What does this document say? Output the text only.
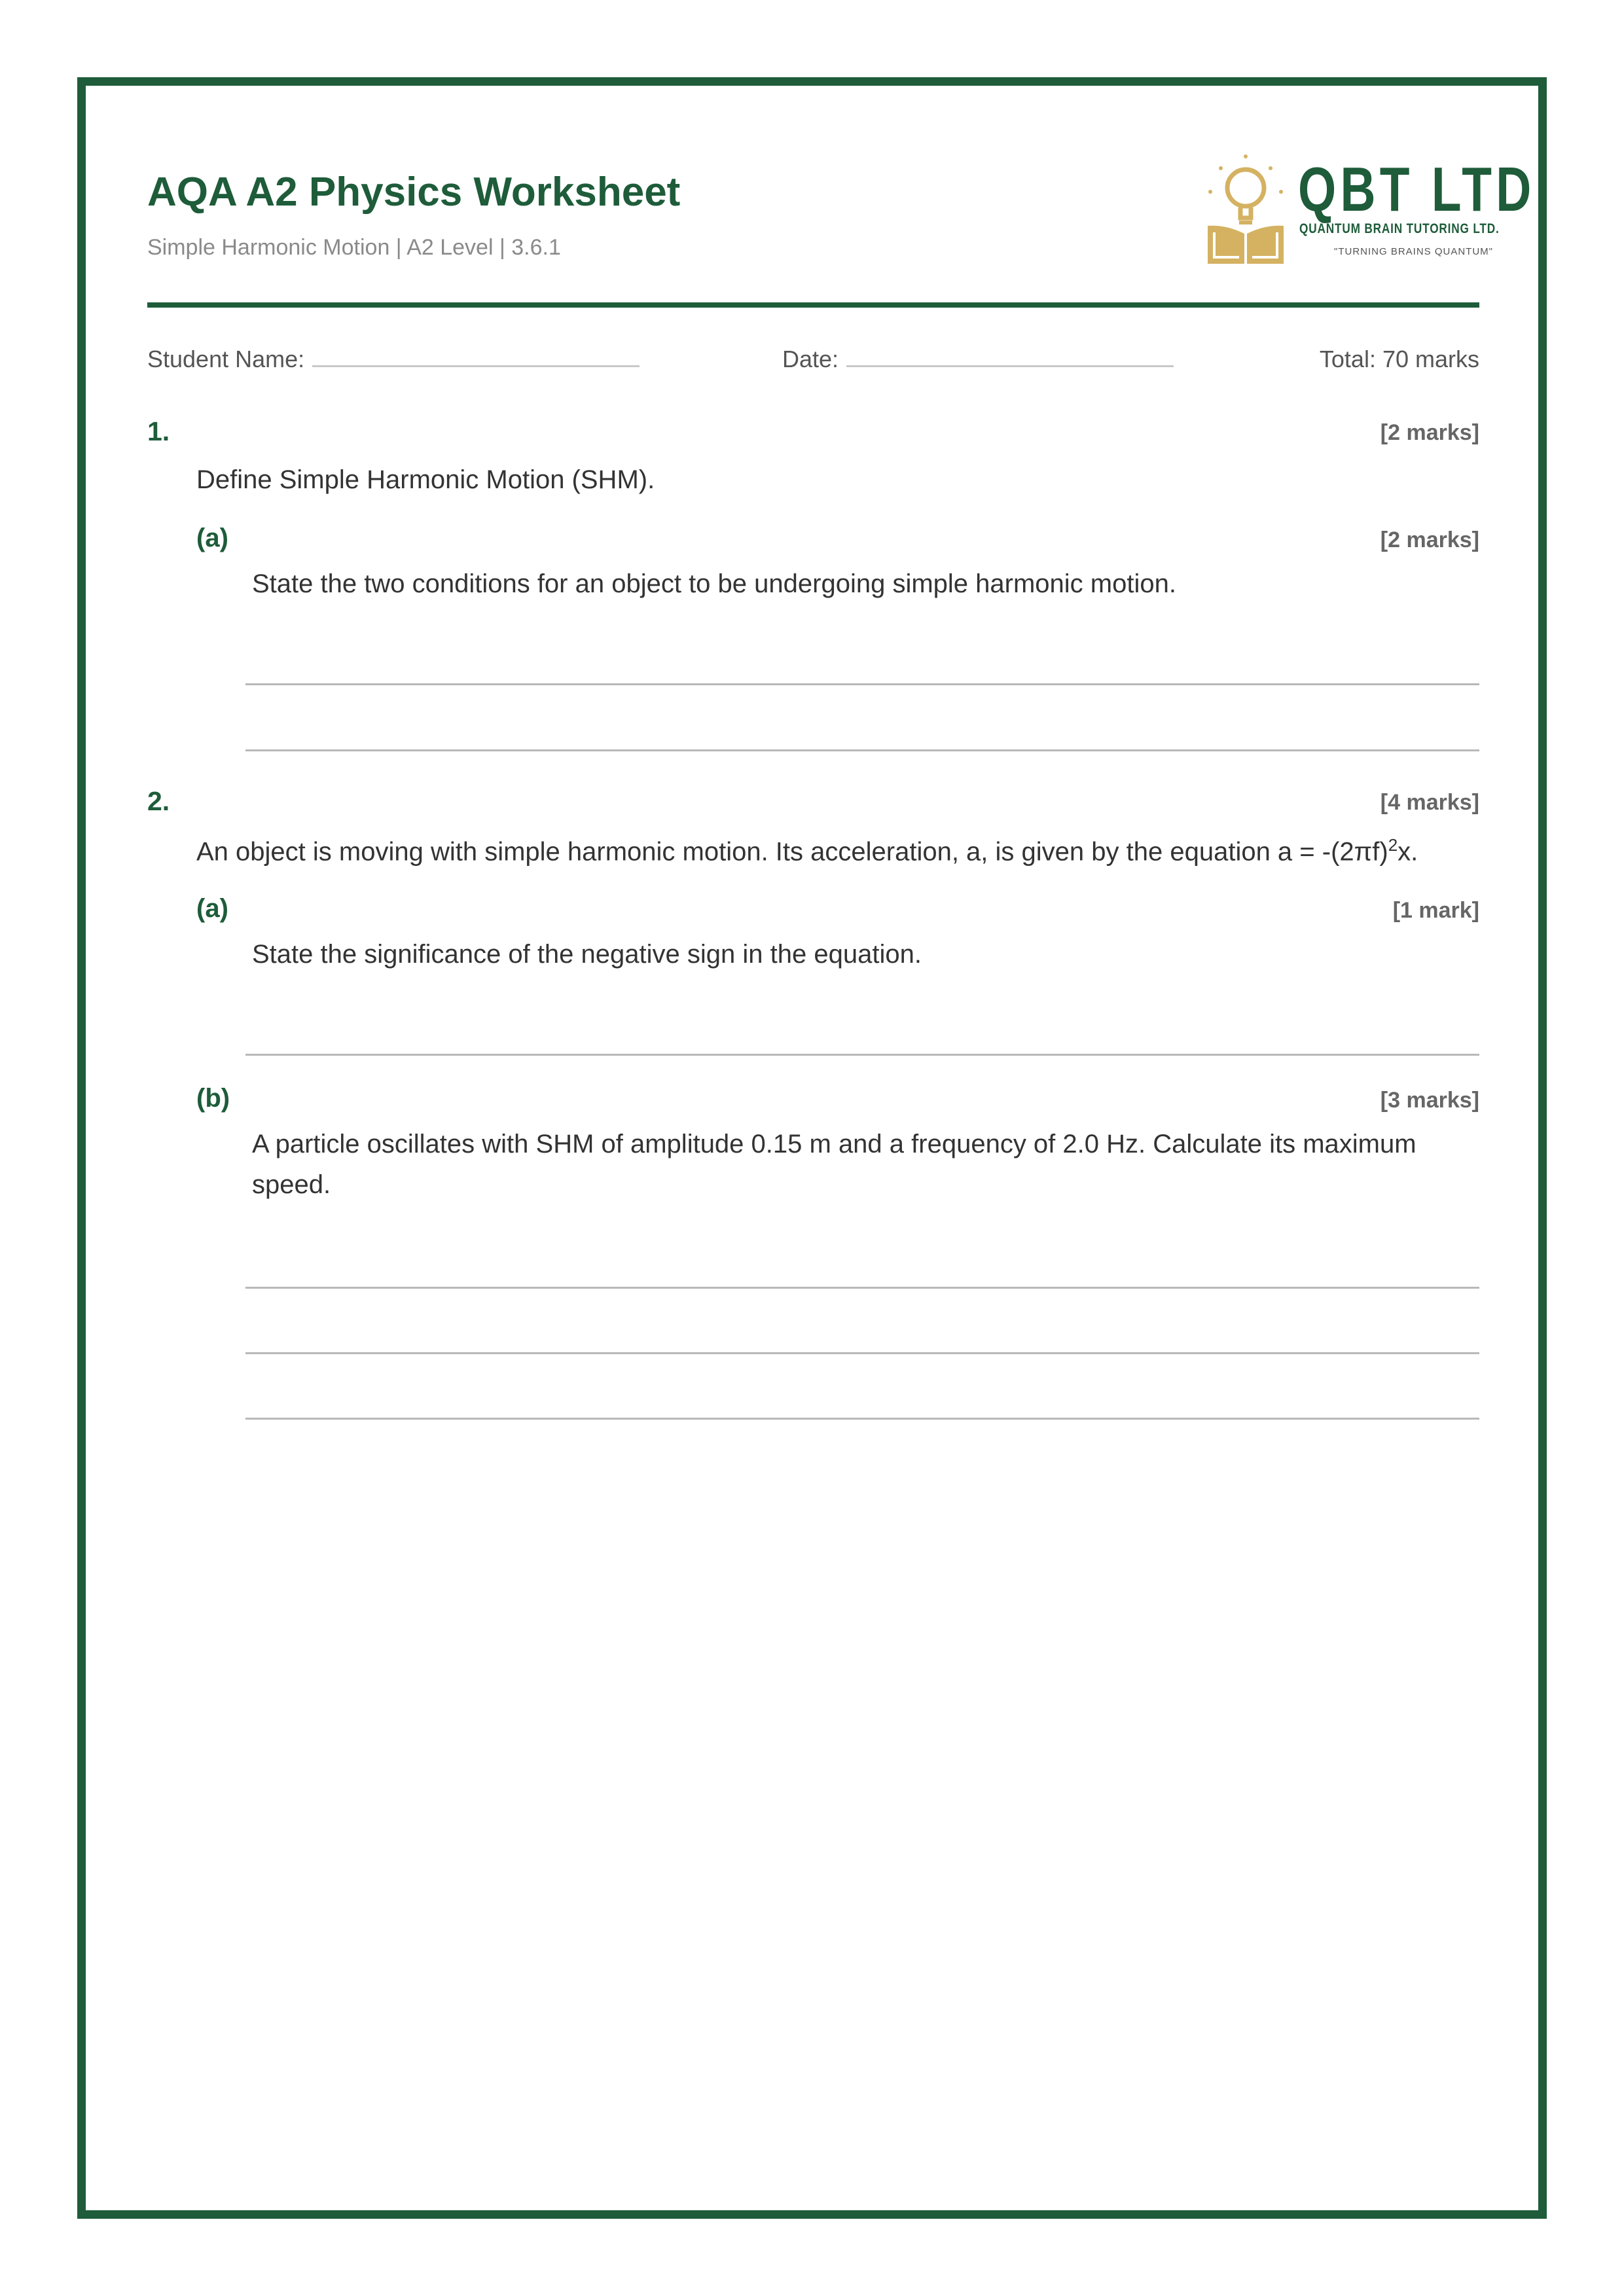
AQA A2 Physics Worksheet
Simple Harmonic Motion | A2 Level | 3.6.1
QBT LTD.
QUANTUM BRAIN TUTORING LTD.
"TURNING BRAINS QUANTUM"
Student Name:	Date:	Total: 70 marks
1.	[2 marks]
Define Simple Harmonic Motion (SHM).
(a)	[2 marks]
State the two conditions for an object to be undergoing simple harmonic motion.
2.	[4 marks]
An object is moving with simple harmonic motion. Its acceleration, a, is given by the equation $a = -(2\pi f)^2x$.
(a)	[1 mark]
State the significance of the negative sign in the equation.
(b)	[3 marks]
A particle oscillates with SHM of amplitude 0.15 m and a frequency of 2.0 Hz. Calculate its maximum speed.
